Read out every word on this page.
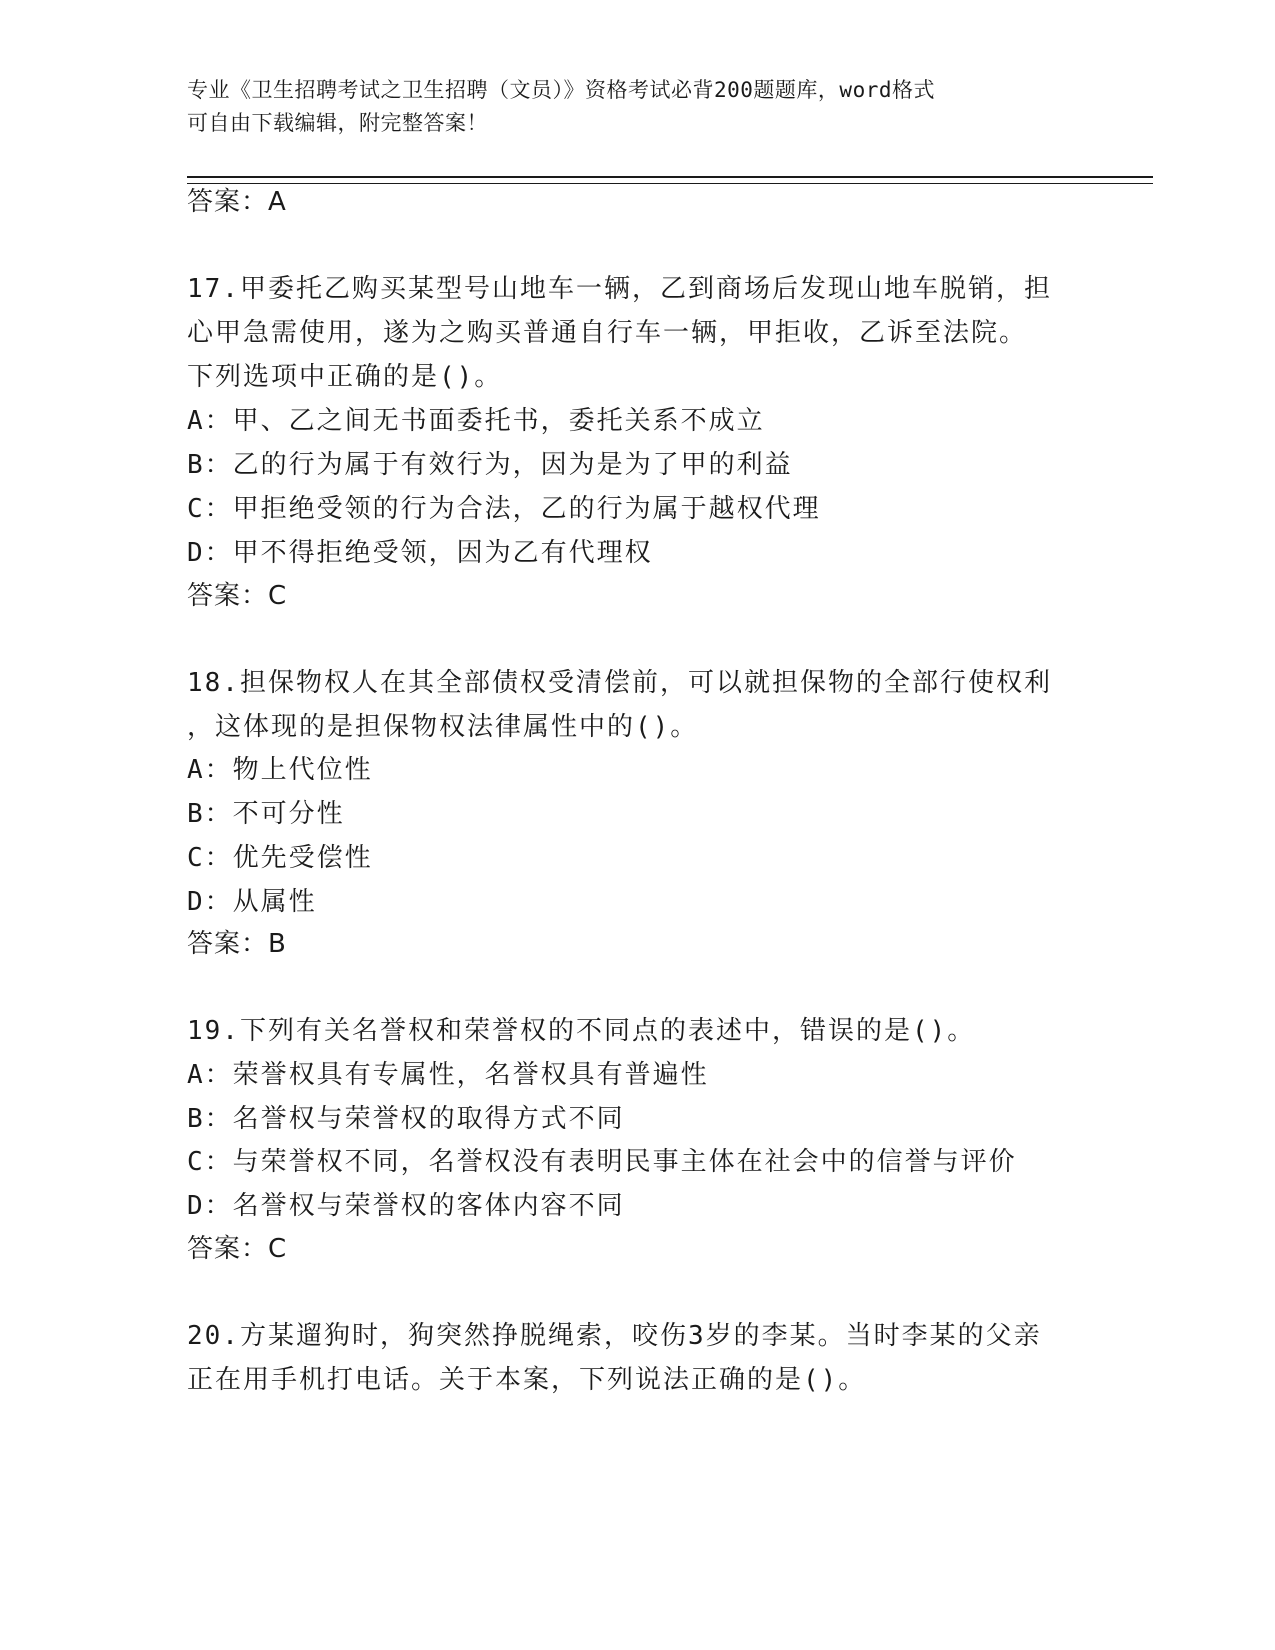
专业《卫生招聘考试之卫生招聘（文员）》资格考试必背200题题库，word格式
可自由下载编辑，附完整答案！
答案：A
17.甲委托乙购买某型号山地车一辆，乙到商场后发现山地车脱销，担
心甲急需使用，遂为之购买普通自行车一辆，甲拒收，乙诉至法院。
下列选项中正确的是()。
A：甲、乙之间无书面委托书，委托关系不成立
B：乙的行为属于有效行为，因为是为了甲的利益
C：甲拒绝受领的行为合法，乙的行为属于越权代理
D：甲不得拒绝受领，因为乙有代理权
答案：C
18.担保物权人在其全部债权受清偿前，可以就担保物的全部行使权利
，这体现的是担保物权法律属性中的()。
A：物上代位性
B：不可分性
C：优先受偿性
D：从属性
答案：B
19.下列有关名誉权和荣誉权的不同点的表述中，错误的是()。
A：荣誉权具有专属性，名誉权具有普遍性
B：名誉权与荣誉权的取得方式不同
C：与荣誉权不同，名誉权没有表明民事主体在社会中的信誉与评价
D：名誉权与荣誉权的客体内容不同
答案：C
20.方某遛狗时，狗突然挣脱绳索，咬伤3岁的李某。当时李某的父亲
正在用手机打电话。关于本案，下列说法正确的是()。
